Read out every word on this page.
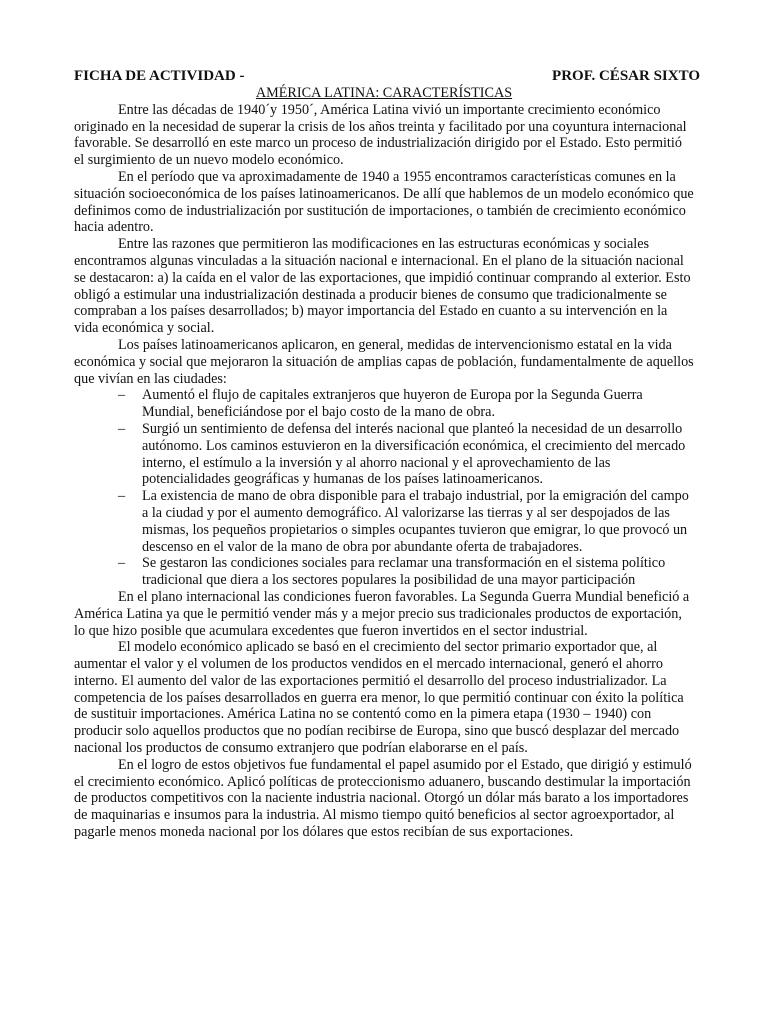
FICHA DE ACTIVIDAD -	PROF. CÉSAR SIXTO
AMÉRICA LATINA: CARACTERÍSTICAS

Entre las décadas de 1940´y 1950´, América Latina vivió un importante crecimiento económico originado en la necesidad de superar la crisis de los años treinta y facilitado por una coyuntura internacional favorable. Se desarrolló en este marco un proceso de industrialización dirigido por el Estado. Esto permitió el surgimiento de un nuevo modelo económico.

En el período que va aproximadamente de 1940 a 1955 encontramos características comunes en la situación socioeconómica de los países latinoamericanos. De allí que hablemos de un modelo económico que definimos como de industrialización por sustitución de importaciones, o también de crecimiento económico hacia adentro.

Entre las razones que permitieron las modificaciones en las estructuras económicas y sociales encontramos algunas vinculadas a la situación nacional e internacional. En el plano de la situación nacional se destacaron: a) la caída en el valor de las exportaciones, que impidió continuar comprando al exterior. Esto obligó a estimular una industrialización destinada a producir bienes de consumo que tradicionalmente se compraban a los países desarrollados; b) mayor importancia del Estado en cuanto a su intervención en la vida económica y social.

Los países latinoamericanos aplicaron, en general, medidas de intervencionismo estatal en la vida económica y social que mejoraron la situación de amplias capas de población, fundamentalmente de aquellos que vivían en las ciudades:

– Aumentó el flujo de capitales extranjeros que huyeron de Europa por la Segunda Guerra Mundial, beneficiándose por el bajo costo de la mano de obra.
– Surgió un sentimiento de defensa del interés nacional que planteó la necesidad de un desarrollo autónomo. Los caminos estuvieron en la diversificación económica, el crecimiento del mercado interno, el estímulo a la inversión y al ahorro nacional y el aprovechamiento de las potencialidades geográficas y humanas de los países latinoamericanos.
– La existencia de mano de obra disponible para el trabajo industrial, por la emigración del campo a la ciudad y por el aumento demográfico. Al valorizarse las tierras y al ser despojados de las mismas, los pequeños propietarios o simples ocupantes tuvieron que emigrar, lo que provocó un descenso en el valor de la mano de obra por abundante oferta de trabajadores.
– Se gestaron las condiciones sociales para reclamar una transformación en el sistema político tradicional que diera a los sectores populares la posibilidad de una mayor participación

En el plano internacional las condiciones fueron favorables. La Segunda Guerra Mundial benefició a América Latina ya que le permitió vender más y a mejor precio sus tradicionales productos de exportación, lo que hizo posible que acumulara excedentes que fueron invertidos en el sector industrial.

El modelo económico aplicado se basó en el crecimiento del sector primario exportador que, al aumentar el valor y el volumen de los productos vendidos en el mercado internacional, generó el ahorro interno. El aumento del valor de las exportaciones permitió el desarrollo del proceso industrializador. La competencia de los países desarrollados en guerra era menor, lo que permitió continuar con éxito la política de sustituir importaciones. América Latina no se contentó como en la pimera etapa (1930 – 1940) con producir solo aquellos productos que no podían recibirse de Europa, sino que buscó desplazar del mercado nacional los productos de consumo extranjero que podrían elaborarse en el país.

En el logro de estos objetivos fue fundamental el papel asumido por el Estado, que dirigió y estimuló el crecimiento económico. Aplicó políticas de proteccionismo aduanero, buscando destimular la importación de productos competitivos con la naciente industria nacional. Otorgó un dólar más barato a los importadores de maquinarias e insumos para la industria. Al mismo tiempo quitó beneficios al sector agroexportador, al pagarle menos moneda nacional por los dólares que estos recibían de sus exportaciones.
